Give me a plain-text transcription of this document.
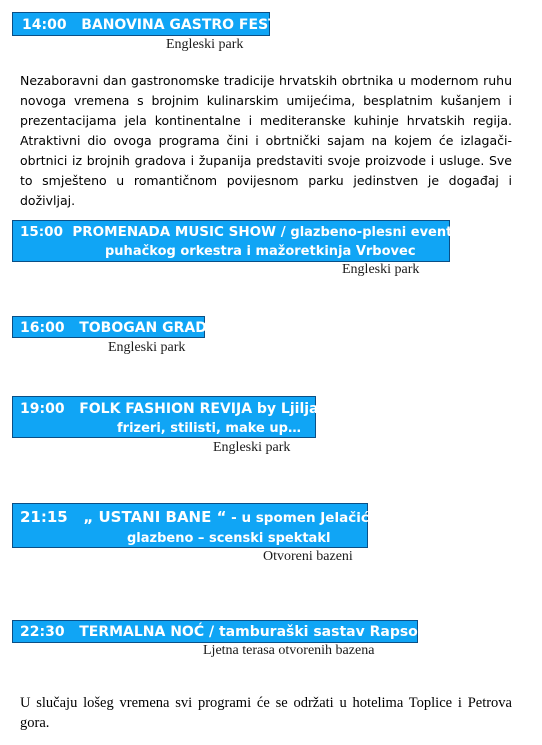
14:00 BANOVINA GASTRO FEST
Engleski park

Nezaboravni dan gastronomske tradicije hrvatskih obrtnika u modernom ruhu novoga vremena s brojnim kulinarskim umijećima, besplatnim kušanjem i prezentacijama jela kontinentalne i mediteranske kuhinje hrvatskih regija. Atraktivni dio ovoga programa čini i obrtnički sajam na kojem će izlagači-obrtnici iz brojnih gradova i županija predstaviti svoje proizvode i usluge. Sve to smješteno u romantičnom povijesnom parku jedinstven je događaj i doživljaj.

15:00 PROMENADA MUSIC SHOW / glazbeno-plesni event
puhačkog orkestra i mažoretkinja Vrbovec
Engleski park
16:00 TOBOGAN GRAD
Engleski park
19:00 FOLK FASHION REVIJA by Ljiljana
frizeri, stilisti, make up…
Engleski park
21:15 „ USTANI BANE “ - u spomen Jelačiću
glazbeno – scenski spektakl
Otvoreni bazeni
22:30 TERMALNA NOĆ / tamburaški sastav Rapsodija
Ljetna terasa otvorenih bazena

U slučaju lošeg vremena svi programi će se održati u hotelima Toplice i Petrova gora.
